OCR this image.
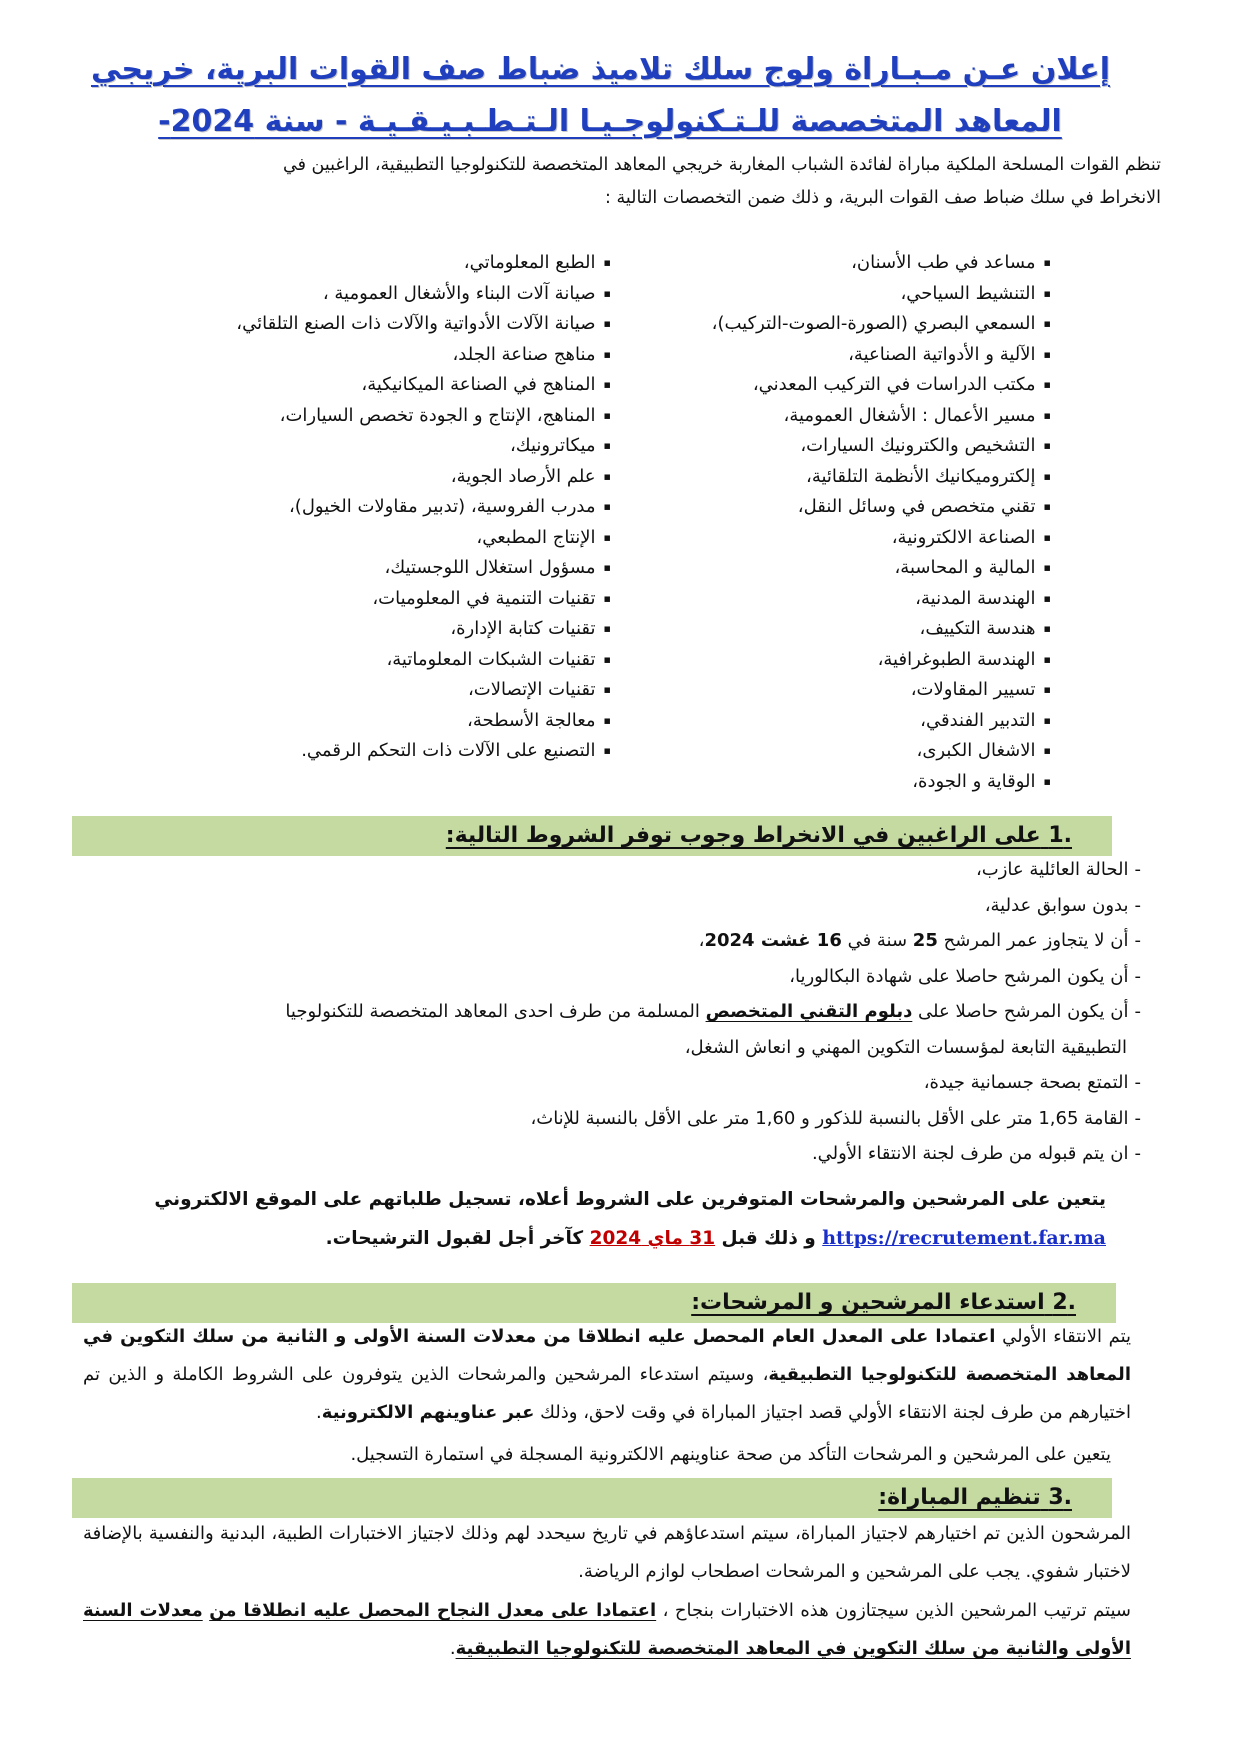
إعلان عـن مـبـاراة ولوج سلك تلاميذ ضباط صف القوات البرية، خريجي
المعاهد المتخصصة للـتـكنولوجـيـا الـتـطـبـيـقـيـة - سنة 2024-

تنظم القوات المسلحة الملكية مباراة لفائدة الشباب المغاربة خريجي المعاهد المتخصصة للتكنولوجيا التطبيقية، الراغبين في

الانخراط في سلك ضباط صف القوات البرية، و ذلك ضمن التخصصات التالية :

▪ مساعد في طب الأسنان،
▪ التنشيط السياحي،
▪ السمعي البصري (الصورة-الصوت-التركيب)،
▪ الآلية و الأدواتية الصناعية،
▪ مكتب الدراسات في التركيب المعدني،
▪ مسير الأعمال : الأشغال العمومية،
▪ التشخيص والكترونيك السيارات،
▪ إلكتروميكانيك الأنظمة التلقائية،
▪ تقني متخصص في وسائل النقل،
▪ الصناعة الالكترونية،
▪ المالية و المحاسبة،
▪ الهندسة المدنية،
▪ هندسة التكييف،
▪ الهندسة الطبوغرافية،
▪ تسيير المقاولات،
▪ التدبير الفندقي،
▪ الاشغال الكبرى،
▪ الوقاية و الجودة،
▪ الطبع المعلوماتي،
▪ صيانة آلات البناء والأشغال العمومية ،
▪ صيانة الآلات الأدواتية والآلات ذات الصنع التلقائي،
▪ مناهج صناعة الجلد،
▪ المناهج في الصناعة الميكانيكية،
▪ المناهج، الإنتاج و الجودة تخصص السيارات،
▪ ميكاترونيك،
▪ علم الأرصاد الجوية،
▪ مدرب الفروسية، (تدبير مقاولات الخيول)،
▪ الإنتاج المطبعي،
▪ مسؤول استغلال اللوجستيك،
▪ تقنيات التنمية في المعلوميات،
▪ تقنيات كتابة الإدارة،
▪ تقنيات الشبكات المعلوماتية،
▪ تقنيات الإتصالات،
▪ معالجة الأسطحة،
▪ التصنيع على الآلات ذات التحكم الرقمي.
.1 على الراغبين في الانخراط وجوب توفر الشروط التالية:
-الحالة العائلية عازب،
-بدون سوابق عدلية،
-أن لا يتجاوز عمر المرشح 25 سنة في 16 غشت 2024،
-أن يكون المرشح حاصلا على شهادة البكالوريا،
-أن يكون المرشح حاصلا على دبلوم التقني المتخصص المسلمة من طرف احدى المعاهد المتخصصة للتكنولوجيا
التطبيقية التابعة لمؤسسات التكوين المهني و انعاش الشغل،
-التمتع بصحة جسمانية جيدة،
-القامة 1,65 متر على الأقل بالنسبة للذكور و 1,60 متر على الأقل بالنسبة للإناث،
-ان يتم قبوله من طرف لجنة الانتقاء الأولي.

يتعين على المرشحين والمرشحات المتوفرين على الشروط أعلاه، تسجيل طلباتهم على الموقع الالكتروني

https://recrutement.far.ma و ذلك قبل 31 ماي 2024 كآخر أجل لقبول الترشيحات.

.2 استدعاء المرشحين و المرشحات:

يتم الانتقاء الأولي اعتمادا على المعدل العام المحصل عليه انطلاقا من معدلات السنة الأولى و الثانية من سلك التكوين في المعاهد المتخصصة للتكنولوجيا التطبيقية، وسيتم استدعاء المرشحين والمرشحات الذين يتوفرون على الشروط الكاملة و الذين تم اختيارهم من طرف لجنة الانتقاء الأولي قصد اجتياز المباراة في وقت لاحق، وذلك عبر عناوينهم الالكترونية.

يتعين على المرشحين و المرشحات التأكد من صحة عناوينهم الالكترونية المسجلة في استمارة التسجيل.

.3 تنظيم المباراة:

المرشحون الذين تم اختيارهم لاجتياز المباراة، سيتم استدعاؤهم في تاريخ سيحدد لهم وذلك لاجتياز الاختبارات الطبية، البدنية والنفسية بالإضافة لاختبار شفوي. يجب على المرشحين و المرشحات اصطحاب لوازم الرياضة.

سيتم ترتيب المرشحين الذين سيجتازون هذه الاختبارات بنجاح ، اعتمادا على معدل النجاح المحصل عليه انطلاقا من معدلات السنة الأولى والثانية من سلك التكوين في المعاهد المتخصصة للتكنولوجيا التطبيقية.
